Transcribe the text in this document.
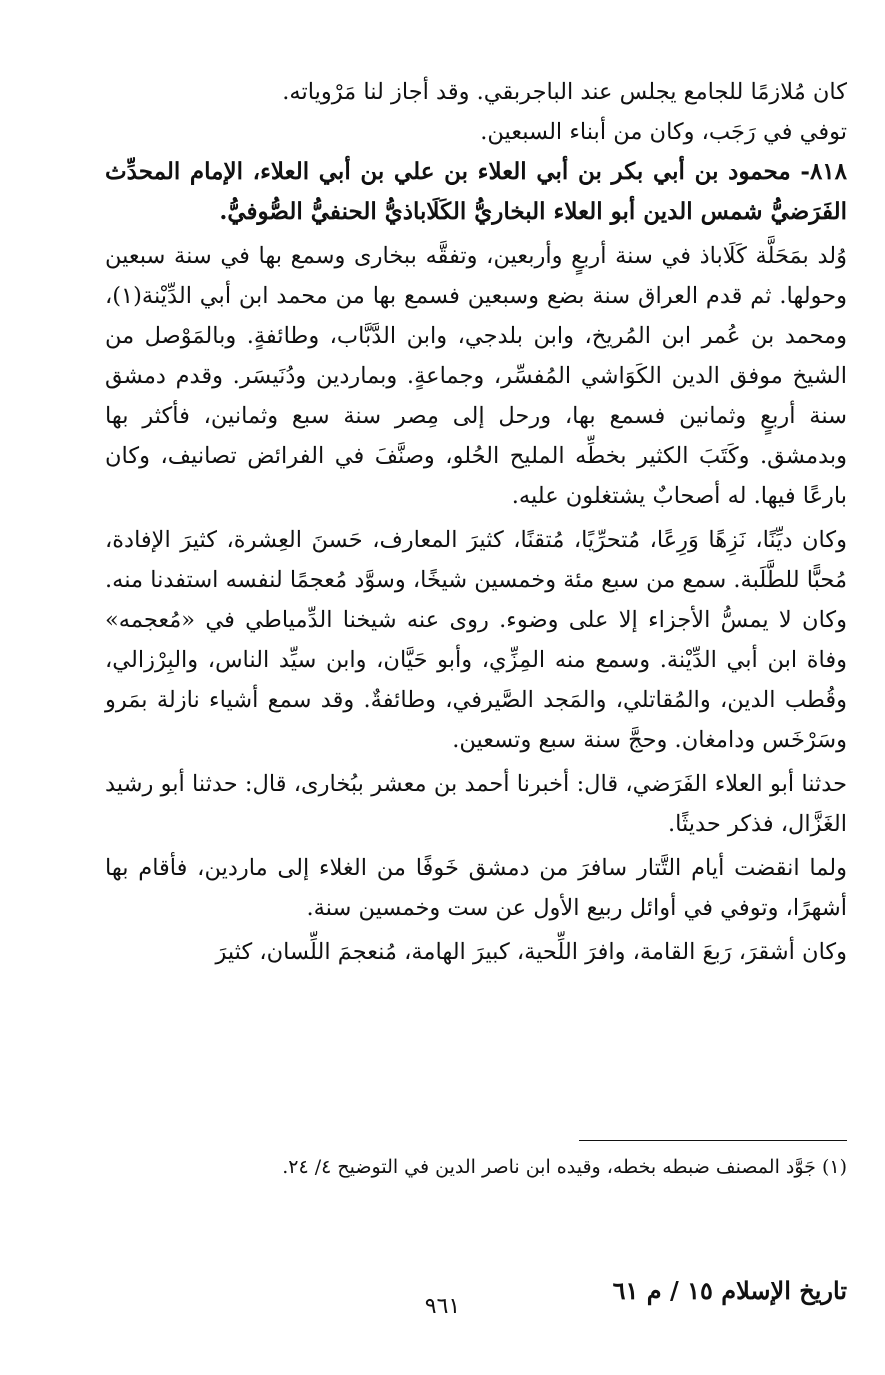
كان مُلازمًا للجامع يجلس عند الباجربقي. وقد أجاز لنا مَرْوياته.

توفي في رَجَب، وكان من أبناء السبعين.

٨١٨- محمود بن أبي بكر بن أبي العلاء بن علي بن أبي العلاء، الإمام المحدِّث الفَرَضيُّ شمس الدين أبو العلاء البخاريُّ الكَلَاباذيُّ الحنفيُّ الصُّوفيُّ.

وُلد بمَحَلَّة كَلَاباذ في سنة أربعٍ وأربعين، وتفقَّه ببخارى وسمع بها في سنة سبعين وحولها. ثم قدم العراق سنة بضع وسبعين فسمع بها من محمد ابن أبي الدِّيْنة(١)، ومحمد بن عُمر ابن المُريخ، وابن بلدجي، وابن الدَّبَّاب، وطائفةٍ. وبالمَوْصل من الشيخ موفق الدين الكَوَاشي المُفسِّر، وجماعةٍ. وبماردين ودُنَيسَر. وقدم دمشق سنة أربعٍ وثمانين فسمع بها، ورحل إلى مِصر سنة سبع وثمانين، فأكثر بها وبدمشق. وكَتَبَ الكثير بخطِّه المليح الحُلو، وصنَّفَ في الفرائض تصانيف، وكان بارعًا فيها. له أصحابٌ يشتغلون عليه.

وكان ديِّنًا، نَزِهًا وَرِعًا، مُتحرِّيًا، مُتقنًا، كثيرَ المعارف، حَسنَ العِشرة، كثيرَ الإفادة، مُحبًّا للطَّلَبة. سمع من سبع مئة وخمسين شيخًا، وسوَّد مُعجمًا لنفسه استفدنا منه. وكان لا يمسُّ الأجزاء إلا على وضوء. روى عنه شيخنا الدِّمياطي في «مُعجمه» وفاة ابن أبي الدِّيْنة. وسمع منه المِزِّي، وأبو حَيَّان، وابن سيِّد الناس، والبِرْزالي، وقُطب الدين، والمُقاتلي، والمَجد الصَّيرفي، وطائفةٌ. وقد سمع أشياء نازلة بمَرو وسَرْخَس ودامغان. وحجَّ سنة سبع وتسعين.

حدثنا أبو العلاء الفَرَضي، قال: أخبرنا أحمد بن معشر ببُخارى، قال: حدثنا أبو رشيد الغَزَّال، فذكر حديثًا.

ولما انقضت أيام التَّتار سافرَ من دمشق خَوفًا من الغلاء إلى ماردين، فأقام بها أشهرًا، وتوفي في أوائل ربيع الأول عن ست وخمسين سنة.

وكان أشقرَ، رَبعَ القامة، وافرَ اللِّحية، كبيرَ الهامة، مُنعجمَ اللِّسان، كثيرَ

(١) جَوَّد المصنف ضبطه بخطه، وقيده ابن ناصر الدين في التوضيح ٤/ ٢٤.
تاريخ الإسلام ١٥ / م ٦١
٩٦١
